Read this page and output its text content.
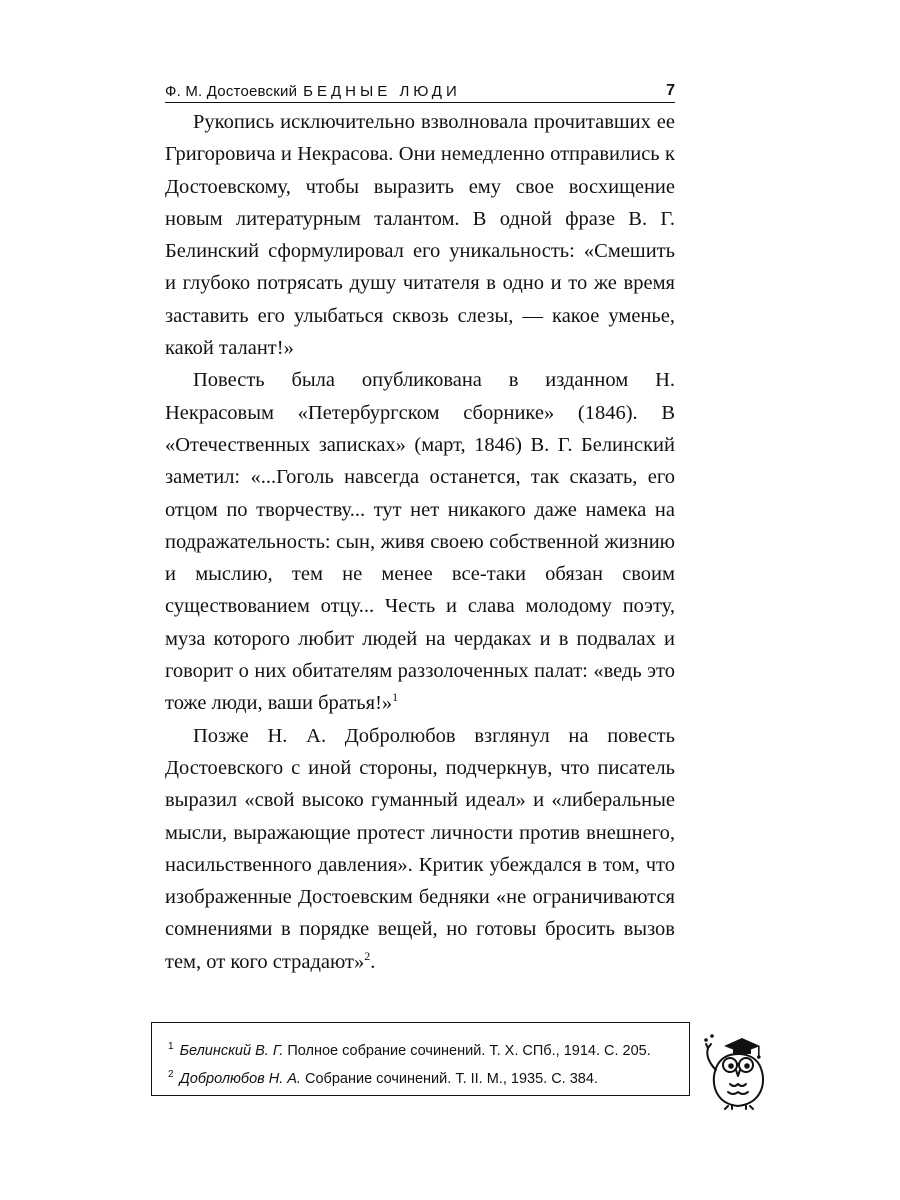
Ф. М. Достоевский БЕДНЫЕ ЛЮДИ	7

Рукопись исключительно взволновала прочитавших ее Григоровича и Некрасова. Они немедленно отправились к Достоевскому, чтобы выразить ему свое восхищение новым литературным талантом. В одной фразе В. Г. Белинский сформулировал его уникальность: «Смешить и глубоко потрясать душу читателя в одно и то же время заставить его улыбаться сквозь слезы, — какое уменье, какой талант!»

Повесть была опубликована в изданном Н. Некрасовым «Петербургском сборнике» (1846). В «Отечественных записках» (март, 1846) В. Г. Белинский заметил: «...Гоголь навсегда останется, так сказать, его отцом по творчеству... тут нет никакого даже намека на подражательность: сын, живя своею собственной жизнию и мыслию, тем не менее все-таки обязан своим существованием отцу... Честь и слава молодому поэту, муза которого любит людей на чердаках и в подвалах и говорит о них обитателям раззолоченных палат: «ведь это тоже люди, ваши братья!»$^1$

Позже Н. А. Добролюбов взглянул на повесть Достоевского с иной стороны, подчеркнув, что писатель выразил «свой высоко гуманный идеал» и «либеральные мысли, выражающие протест личности против внешнего, насильственного давления». Критик убеждался в том, что изображенные Достоевским бедняки «не ограничиваются сомнениями в порядке вещей, но готовы бросить вызов тем, от кого страдают»$^2$.

$^1$ Белинский В. Г. Полное собрание сочинений. Т. X. СПб., 1914. С. 205.
$^2$ Добролюбов Н. А. Собрание сочинений. Т. II. М., 1935. С. 384.
